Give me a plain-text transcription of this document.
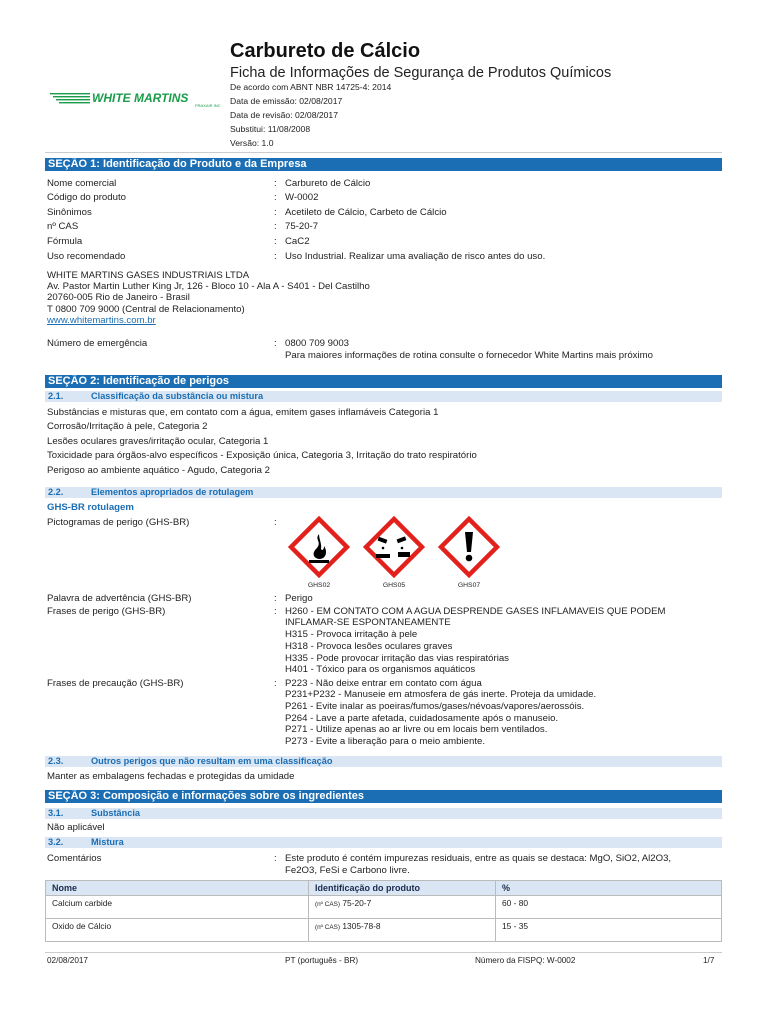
WHITE MARTINS
PRAXAIR INC
Carbureto de Cálcio
Ficha de Informações de Segurança de Produtos Químicos
De acordo com ABNT NBR 14725-4: 2014
Data de emissão: 02/08/2017
Data de revisão: 02/08/2017
Substitui: 11/08/2008
Versão: 1.0
SEÇÃO 1: Identificação do Produto e da Empresa
Nome comercial	: Carbureto de Cálcio
Código do produto	: W-0002
Sinônimos	: Acetileto de Cálcio, Carbeto de Cálcio
nº CAS	: 75-20-7
Fórmula	: CaC2
Uso recomendado	: Uso Industrial. Realizar uma avaliação de risco antes do uso.
WHITE MARTINS GASES INDUSTRIAIS LTDA
Av. Pastor Martin Luther King Jr, 126 - Bloco 10 - Ala A - S401 - Del Castilho
20760-005 Rio de Janeiro - Brasil
T 0800 709 9000 (Central de Relacionamento)
www.whitemartins.com.br
Número de emergência	: 0800 709 9003
Para maiores informações de rotina consulte o fornecedor White Martins mais próximo
SEÇÃO 2: Identificação de perigos
2.1.	Classificação da substância ou mistura
Substâncias e misturas que, em contato com a água, emitem gases inflamáveis Categoria 1
Corrosão/Irritação à pele, Categoria 2
Lesões oculares graves/irritação ocular, Categoria 1
Toxicidade para órgãos-alvo específicos - Exposição única, Categoria 3, Irritação do trato respiratório
Perigoso ao ambiente aquático - Agudo, Categoria 2
2.2.	Elementos apropriados de rotulagem
GHS-BR rotulagem
Pictogramas de perigo (GHS-BR)	:
GHS02	GHS05	GHS07
Palavra de advertência (GHS-BR)	: Perigo
Frases de perigo (GHS-BR)	: H260 - EM CONTATO COM A AGUA DESPRENDE GASES INFLAMAVEIS QUE PODEM
INFLAMAR-SE ESPONTANEAMENTE
H315 - Provoca irritação à pele
H318 - Provoca lesões oculares graves
H335 - Pode provocar irritação das vias respiratórias
H401 - Tóxico para os organismos aquáticos
Frases de precaução (GHS-BR)	: P223 - Não deixe entrar em contato com água
P231+P232 - Manuseie em atmosfera de gás inerte. Proteja da umidade.
P261 - Evite inalar as poeiras/fumos/gases/névoas/vapores/aerossóis.
P264 - Lave a parte afetada, cuidadosamente após o manuseio.
P271 - Utilize apenas ao ar livre ou em locais bem ventilados.
P273 - Evite a liberação para o meio ambiente.
2.3.	Outros perigos que não resultam em uma classificação
Manter as embalagens fechadas e protegidas da umidade
SEÇÃO 3: Composição e informações sobre os ingredientes
3.1.	Substância
Não aplicável
3.2.	Mistura
Comentários	: Este produto é contém impurezas residuais, entre as quais se destaca: MgO, SiO2, Al2O3,
Fe2O3, FeSi e Carbono livre.
Nome	Identificação do produto	%
Calcium carbide	(nº CAS) 75-20-7	60 - 80
Oxido de Cálcio	(nº CAS) 1305-78-8	15 - 35
02/08/2017	PT (português - BR)	Número da FISPQ: W-0002	1/7
